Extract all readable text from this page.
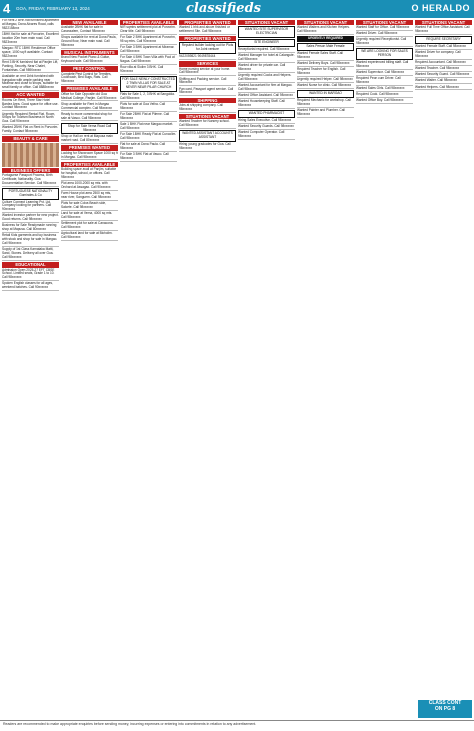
4 GOA, FRIDAY, FEBRUARY 13, 2024	classifieds	O HERALDO
For Rent 2 BHK flat furnished apartment at Margao, Dona Alvares Road, calls 9822158xxx
1BHK flat for sale at Porvorim, Excellent location 20m from main road. Call 9823xxxxx
Margao: RTC 1BHK Residence Office space, 1000 sq ft available. Contact 9822xxxxx
Rent 3 BHK furnished flat at Panjim Lift, Parking, Security. Near Chalet, Fontainhas. Call 9890xxxxx
Available on rent 1bhk furnished with bungalow with ample parking near Miramar and close to shops, suitable for small family or office. Call 8888xxxxx
ACC WANTED
Rooms On Rent, Three Star Hotel Bardez Area. Good space for office use. Contact 98xxxxxx
Urgently Required Rental Flat, Room, Shops for Tourism Business in North Goa. Call 90xxxxxx
Wanted 2BHK Flat on Rent in Porvorim. Family. Contact 98xxxxxx
BEAUTY & CARE
BUSINESS OFFERS
Portuguese Passport Process, Birth Certificate, Nationality. Goa Documentation Service. Call 98xxxxxx
PORTUGUESE NATIONALITY Gomindes & Co
Culture Connect Learning Pvt. Ltd. Company looking for partners. Call 90xxxxxx
Wanted investor partner for new project. Good returns. Call 98xxxxxx
Business for Sale Readymade running shop at Mapusa. Call 80xxxxxx
Retail Kids garments and toy business with stock and shop for sale in Margao. Call 96xxxxxx
Supply of 1st Class Karnataka Matti, Sand, Stones. Delivery all over Goa. Call 98xxxxxx
EDUCATIONAL
Admission Open 2025-27 EFT CBSE School. Limited seats, Grade 1 to 10. Call 98xxxxxx
Spoken English classes for all ages, weekend batches. Call 90xxxxxx
NEW AVAILABLE
Available 2BHK flat for sale in Caranzalem, Contact 98xxxxxx
Shops available for rent at Dona Paula, Ground floor, Near main road. Call 98xxxxxx
MUSICAL INSTRUMENTS
Brand New Pocket Piano & Guitar, Keyboard sale. Call 98xxxxxx
PEST CONTROL
Complete Pest Control for Termites, Cockroach, Bed Bugs, Rats. Call 98xxxxxx
PREMISES AVAILABLE
Office for Sale Opposite old Goa Medical College, Panjim. Call 90xxxxxx
Shop available for Rent in Margao Commercial complex. Call 98xxxxxx
Ready to move commercial shop for sale at Vasco. Call 98xxxxxx
Shop for Sale Verna Road Call 98xxxxxx
Shop or Hall on rent at Mapusa main market road. Call 80xxxxxx
PREMISES WANTED
Looking for Showroom Space 1000 sq ft in Margao. Call 98xxxxxx
PROPERTIES AVAILABLE
Building space avail at Panjim, suitable for hospital, school, or offices. Call 98xxxxxx
Plot area 1000-2000 sq mts. with Orchard at Assagao. Call 90xxxxxx
Farm House plot area 2500 sq mts, near river, Sanguem. Call 98xxxxxx
Plots for sale Colva Beach side, Salcete. Call 98xxxxxx
Land for sale at Verna, 4000 sq mts. Call 98xxxxxx
Settlement plot for sale at Canacona. Call 98xxxxxx
Agricultural land for sale at Bicholim. Call 98xxxxxx
PROPERTIES AVAILABLE
NIR sqmtrs settlement plot at Porvorim. Clear title. Call 98xxxxxx
For Sale 2 BHK Apartment at Porvorim, 95 sq mtrs. Call 90xxxxxx
For Sale 3 BHK Apartment at Miramar. Call 98xxxxxx
For Sale 4 BHK Town Villa with Pool at Nagoa. Call 98xxxxxx
Row villa at Siolim 3 BHK. Call 90xxxxxx
FOR SALE NEWLY CONSTRUCTED 2 TWIN VILLAS FOR SALE AT NEVER NEAR PILAR CHURCH
Flats for Sale 1, 2, 3 BHK at Sangolda. Call 98xxxxxx
Plots for sale at Goa Velha. Call 98xxxxxx
For Sale 2BHK Flat at Pilerne. Call 98xxxxxx
Sale 1 BHK Flat near Margao market. Call 98xxxxxx
For Sale 1BHK Ready Flat at Cuncolim. Call 98xxxxxx
Flat for sale at Dona Paula. Call 98xxxxxx
For Sale 3 BHK Flat at Vasco. Call 98xxxxxx
PROPERTIES WANTED
Wanted 1 bhk and above finished or settlement Site. Call 98xxxxxx
PROPERTIES WANTED
Reputed builder looking out for Plots for Joint venture
9422059821 9049878444
SERVICES
Home nursing service at your home. Call 98xxxxxx
Shifting and Packing service. Call 98xxxxxx
Pan card, Passport agent service. Call 98xxxxxx
SHIPPING
Jobs at shipping company. Call 98xxxxxx
SITUATIONS VACANT
Wanted Teacher for Nursery school. Call 98xxxxxx
WANTED ASSISTANT ACCOUNTS ASSISTANT
Hiring young graduates for Goa. Call 98xxxxxx
SITUATIONS VACANT
WANTED SITE SUPERVISOR ELECTRICIAN
SITE ENGINEER
Receptionist required. Call 98xxxxxx
Wanted Manager for hotel at Calangute. Call 98xxxxxx
Wanted driver for private car. Call 98xxxxxx
Urgently required Cooks and Helpers. Call 98xxxxxx
Wanted Accountant for firm at Margao. Call 98xxxxxx
Wanted Office Assistant. Call 98xxxxxx
Wanted Housekeeping Staff. Call 98xxxxxx
WANTED PHARMACIST
Hiring Sales Executive. Call 98xxxxxx
Wanted Security Guards. Call 98xxxxxx
Wanted Computer Operator. Call 98xxxxxx
SITUATIONS VACANT
Wanted Waiters and Kitchen Helpers. Call 98xxxxxx
URGENTLY REQUIRED
Sales Person Male Female
Wanted Female Sales Staff. Call 98xxxxxx
Wanted Delivery Boys. Call 98xxxxxx
Required Teacher for English. Call 98xxxxxx
Urgently required Helper. Call 98xxxxxx
Wanted Nurse for clinic. Call 98xxxxxx
WANTED IN MARGAO
Required Mechanic for workshop. Call 98xxxxxx
Wanted Painter and Plumber. Call 98xxxxxx
SITUATIONS VACANT
Wanted Staff for Office. Call 98xxxxxx
Wanted Driver. Call 98xxxxxx
Urgently required Receptionist. Call 98xxxxxx
WE ARE LOOKING FOR SALES PERSON
Wanted experienced billing staff. Call 98xxxxxx
Wanted Supervisor. Call 98xxxxxx
Required Peon cum Driver. Call 98xxxxxx
Wanted Sales Girls. Call 98xxxxxx
Required Cook. Call 98xxxxxx
Wanted Office Boy. Call 98xxxxxx
SITUATIONS VACANT
Wanted Full Time Office Assistant. Call 98xxxxxx
REQUIRE SECRETARY
Wanted Female Staff. Call 98xxxxxx
Wanted Driver for company. Call 98xxxxxx
Required Accountant. Call 98xxxxxx
Wanted Teacher. Call 98xxxxxx
Wanted Security Guard. Call 98xxxxxx
Wanted Waiter. Call 98xxxxxx
Wanted Helpers. Call 98xxxxxx
CLASS CONT
ON PG 8
Readers are recommended to make appropriate enquiries before sending money, incurring expenses or entering into commitments in relation to any advertisement.
